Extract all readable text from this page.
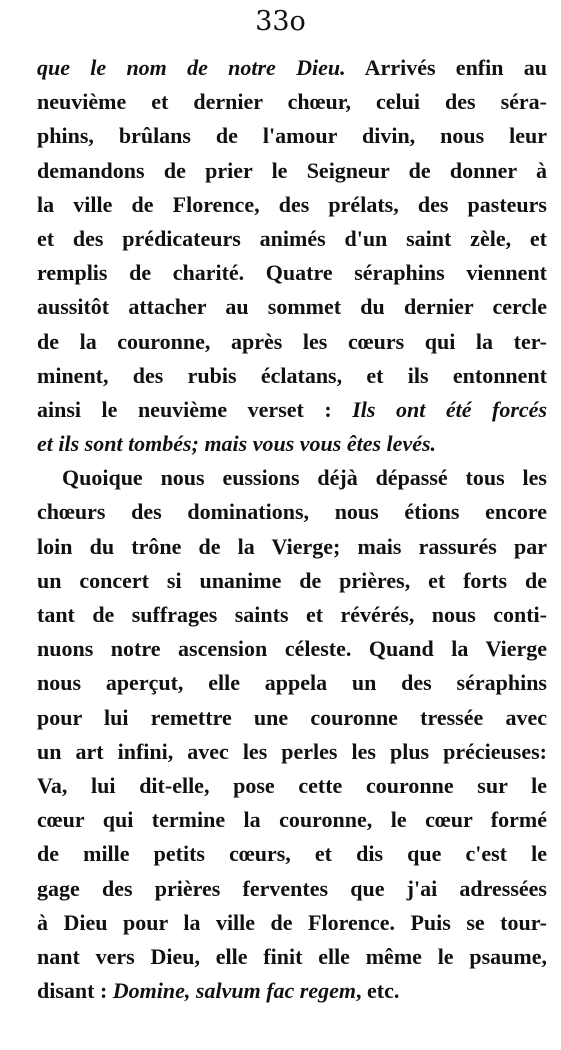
33o
que le nom de notre Dieu. Arrivés enfin au
neuvième et dernier chœur, celui des séra-
phins, brûlans de l'amour divin, nous leur
demandons de prier le Seigneur de donner à
la ville de Florence, des prélats, des pasteurs
et des prédicateurs animés d'un saint zèle, et
remplis de charité. Quatre séraphins viennent
aussitôt attacher au sommet du dernier cercle
de la couronne, après les cœurs qui la ter-
minent, des rubis éclatans, et ils entonnent
ainsi le neuvième verset : Ils ont été forcés
et ils sont tombés; mais vous vous êtes levés.
Quoique nous eussions déjà dépassé tous les
chœurs des dominations, nous étions encore
loin du trône de la Vierge; mais rassurés par
un concert si unanime de prières, et forts de
tant de suffrages saints et révérés, nous conti-
nuons notre ascension céleste. Quand la Vierge
nous aperçut, elle appela un des séraphins
pour lui remettre une couronne tressée avec
un art infini, avec les perles les plus précieuses:
Va, lui dit-elle, pose cette couronne sur le
cœur qui termine la couronne, le cœur formé
de mille petits cœurs, et dis que c'est le
gage des prières ferventes que j'ai adressées
à Dieu pour la ville de Florence. Puis se tour-
nant vers Dieu, elle finit elle même le psaume,
disant : Domine, salvum fac regem, etc.
